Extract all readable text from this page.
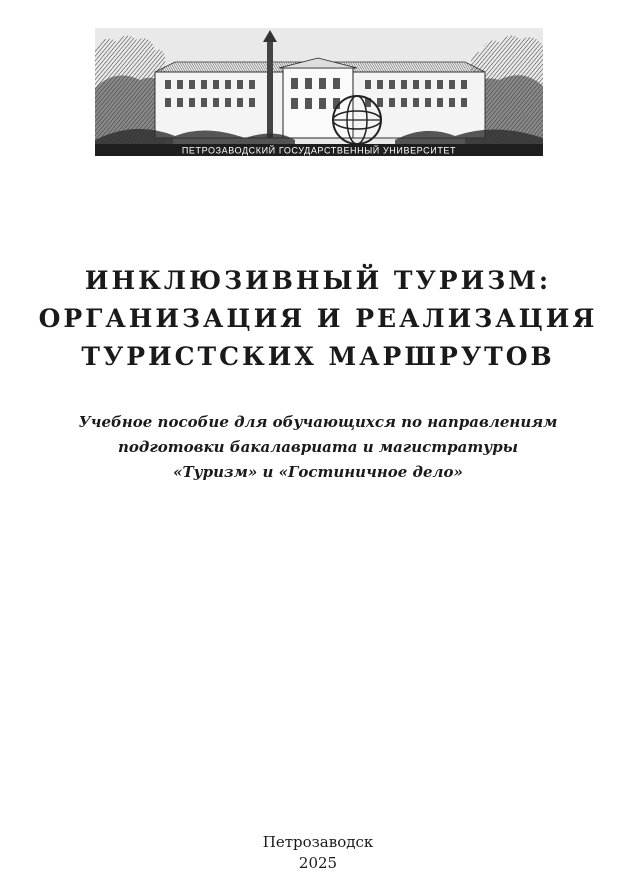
ПЕТРОЗАВОДСКИЙ ГОСУДАРСТВЕННЫЙ УНИВЕРСИТЕТ
ИНКЛЮЗИВНЫЙ ТУРИЗМ:
ОРГАНИЗАЦИЯ И РЕАЛИЗАЦИЯ
ТУРИСТСКИХ МАРШРУТОВ
Учебное пособие для обучающихся по направлениям
подготовки бакалавриата и магистратуры
«Туризм» и «Гостиничное дело»
Петрозаводск
2025
